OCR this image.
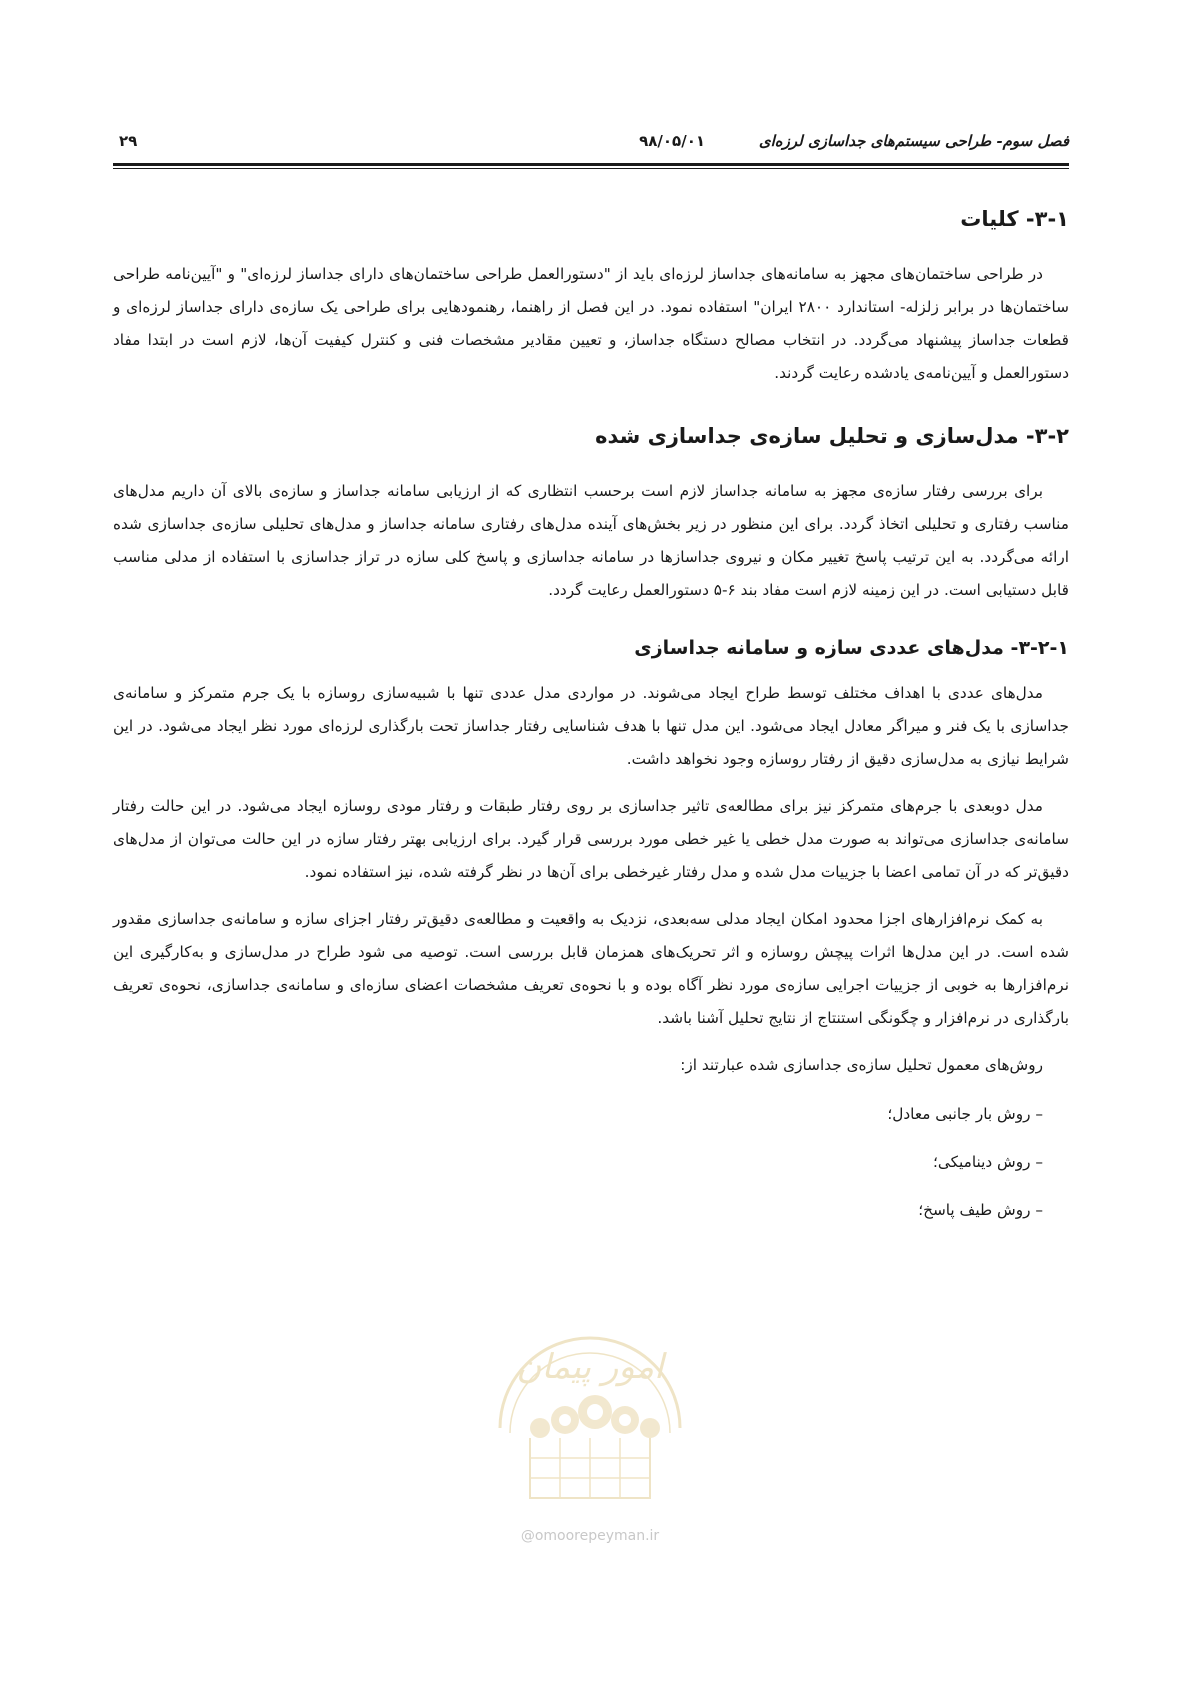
فصل سوم- طراحی سیستم‌های جداسازی لرزه‌ای
۹۸/۰۵/۰۱
۲۹
۳-۱- کلیات

در طراحی ساختمان‌های مجهز به سامانه‌های جداساز لرزه‌ای باید از "دستورالعمل طراحی ساختمان‌های دارای جداساز لرزه‌ای" و "آیین‌نامه طراحی ساختمان‌ها در برابر زلزله- استاندارد ۲۸۰۰ ایران" استفاده نمود. در این فصل از راهنما، رهنمودهایی برای طراحی یک سازه‌ی دارای جداساز لرزه‌ای و قطعات جداساز پیشنهاد می‌گردد. در انتخاب مصالح دستگاه جداساز، و تعیین مقادیر مشخصات فنی و کنترل کیفیت آن‌ها، لازم است در ابتدا مفاد دستورالعمل و آیین‌نامه‌ی یادشده رعایت گردند.

۳-۲- مدل‌سازی و تحلیل سازه‌ی جداسازی شده

برای بررسی رفتار سازه‌ی مجهز به سامانه جداساز لازم است برحسب انتظاری که از ارزیابی سامانه جداساز و سازه‌ی بالای آن داریم مدل‌های مناسب رفتاری و تحلیلی اتخاذ گردد. برای این منظور در زیر بخش‌های آینده مدل‌های رفتاری سامانه جداساز و مدل‌های تحلیلی سازه‌ی جداسازی شده ارائه می‌گردد. به این ترتیب پاسخ تغییر مکان و نیروی جداسازها در سامانه جداسازی و پاسخ کلی سازه در تراز جداسازی با استفاده از مدلی مناسب قابل دستیابی است. در این زمینه لازم است مفاد بند ۶-۵ دستورالعمل رعایت گردد.

۳-۲-۱- مدل‌های عددی سازه و سامانه جداسازی

مدل‌های عددی با اهداف مختلف توسط طراح ایجاد می‌شوند. در مواردی مدل عددی تنها با شبیه‌سازی روسازه با یک جرم متمرکز و سامانه‌ی جداسازی با یک فنر و میراگر معادل ایجاد می‌شود. این مدل تنها با هدف شناسایی رفتار جداساز تحت بارگذاری لرزه‌ای مورد نظر ایجاد می‌شود. در این شرایط نیازی به مدل‌سازی دقیق از رفتار روسازه وجود نخواهد داشت.

مدل دوبعدی با جرم‌های متمرکز نیز برای مطالعه‌ی تاثیر جداسازی بر روی رفتار طبقات و رفتار مودی روسازه ایجاد می‌شود. در این حالت رفتار سامانه‌ی جداسازی می‌تواند به صورت مدل خطی یا غیر خطی مورد بررسی قرار گیرد. برای ارزیابی بهتر رفتار سازه در این حالت می‌توان از مدل‌های دقیق‌تر که در آن تمامی اعضا با جزییات مدل شده و مدل رفتار غیرخطی برای آن‌ها در نظر گرفته شده، نیز استفاده نمود.

به کمک نرم‌افزارهای اجزا محدود امکان ایجاد مدلی سه‌بعدی، نزدیک به واقعیت و مطالعه‌ی دقیق‌تر رفتار اجزای سازه و سامانه‌ی جداسازی مقدور شده است. در این مدل‌ها اثرات پیچش روسازه و اثر تحریک‌های همزمان قابل بررسی است. توصیه می شود طراح در مدل‌سازی و به‌کارگیری این نرم‌افزارها به خوبی از جزییات اجرایی سازه‌ی مورد نظر آگاه بوده و با نحوه‌ی تعریف مشخصات اعضای سازه‌ای و سامانه‌ی جداسازی، نحوه‌ی تعریف بارگذاری در نرم‌افزار و چگونگی استنتاج از نتایج تحلیل آشنا باشد.

روش‌های معمول تحلیل سازه‌ی جداسازی شده عبارتند از:
– روش بار جانبی معادل؛
– روش دینامیکی؛
– روش طیف پاسخ؛
امور پیمان
@omoorepeyman.ir
